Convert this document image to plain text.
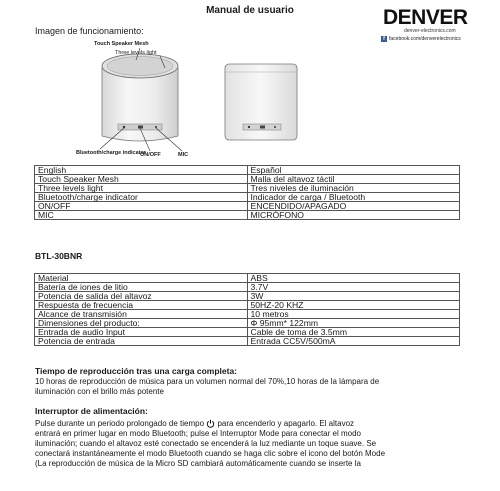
Manual de usuario	DENVER
denver-electronics.com
f facebook.com/denverelectronics
Imagen de funcionamiento:
Touch Speaker Mesh
Three levels light
Bluetooth/charge indicator
ON/OFF	MIC
English	Español
Touch Speaker Mesh	Malla del altavoz táctil
Three levels light	Tres niveles de iluminación
Bluetooth/charge indicator	Indicador de carga / Bluetooth
ON/OFF	ENCENDIDO/APAGADO
MIC	MICRÓFONO
BTL-30BNR
Material	ABS
Batería de iones de litio	3.7V
Potencia de salida del altavoz	3W
Respuesta de frecuencia	50HZ-20 KHZ
Alcance de transmisión	10 metros
Dimensiones del producto:	Φ 95mm* 122mm
Entrada de audio Input	Cable de toma de 3.5mm
Potencia de entrada	Entrada CC5V/500mA
Tiempo de reproducción tras una carga completa:
10 horas de reproducción de música para un volumen normal del 70%,10 horas de la lámpara de
iluminación con el brillo más potente
Interruptor de alimentación:
Pulse durante un periodo prolongado de tiempo para encenderlo y apagarlo. El altavoz
entrará en primer lugar en modo Bluetooth; pulse el Interruptor Mode para conectar el modo
iluminación; cuando el altavoz esté conectado se encenderá la luz mediante un toque suave. Se
conectará instantáneamente el modo Bluetooth cuando se haga clic sobre el icono del botón Mode
(La reproducción de música de la Micro SD cambiará automáticamente cuando se inserte la
